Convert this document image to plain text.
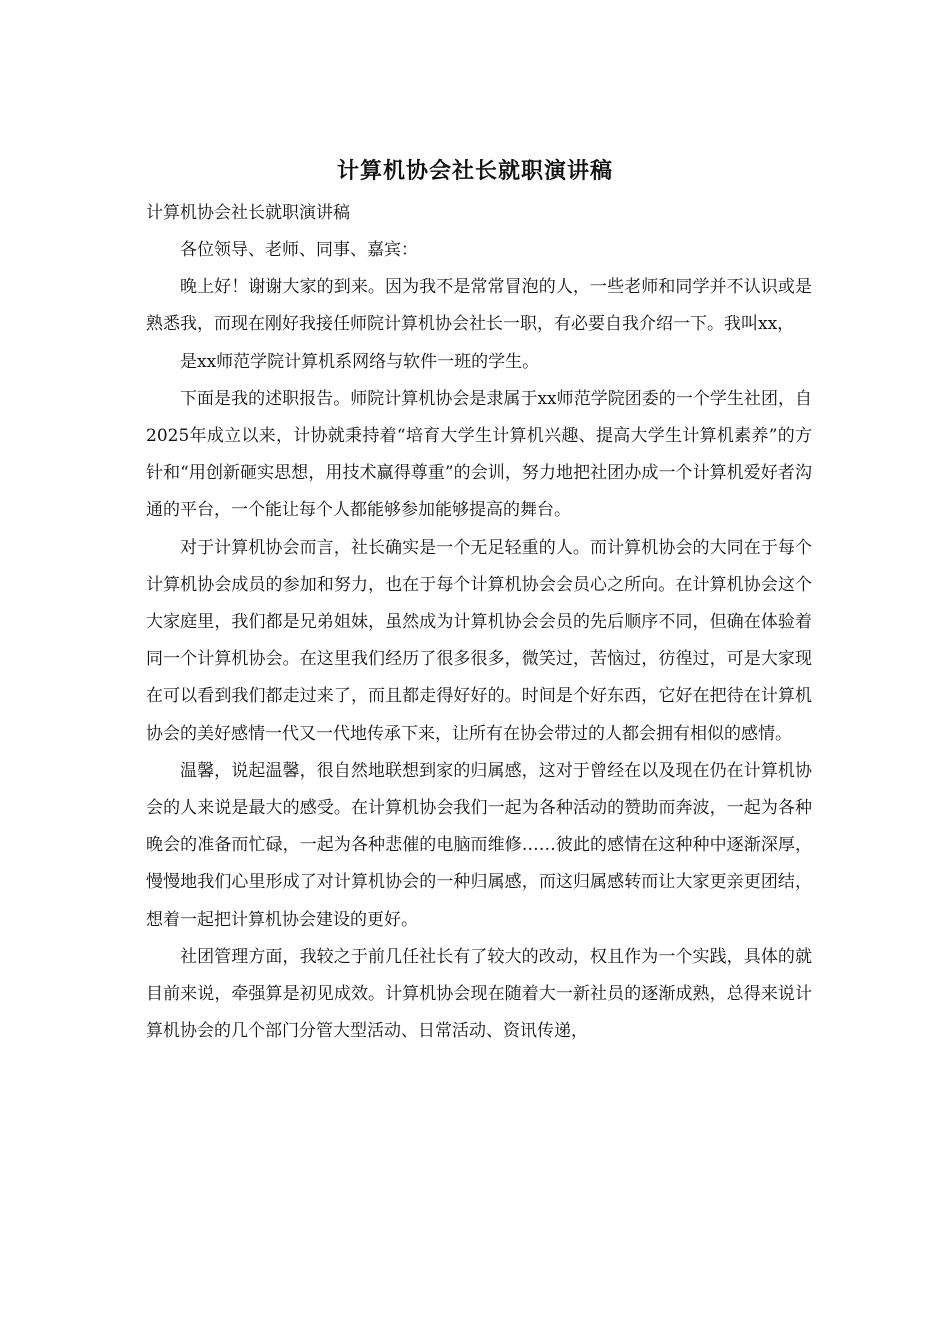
计算机协会社长就职演讲稿
计算机协会社长就职演讲稿

各位领导、老师、同事、嘉宾：

晚上好！谢谢大家的到来。因为我不是常常冒泡的人，一些老师和同学并不认识或是熟悉我，而现在刚好我接任师院计算机协会社长一职，有必要自我介绍一下。我叫xx，

是xx师范学院计算机系网络与软件一班的学生。

下面是我的述职报告。师院计算机协会是隶属于xx师范学院团委的一个学生社团，自2025年成立以来，计协就秉持着“培育大学生计算机兴趣、提高大学生计算机素养”的方针和“用创新砸实思想，用技术赢得尊重”的会训，努力地把社团办成一个计算机爱好者沟通的平台，一个能让每个人都能够参加能够提高的舞台。

对于计算机协会而言，社长确实是一个无足轻重的人。而计算机协会的大同在于每个计算机协会成员的参加和努力，也在于每个计算机协会会员心之所向。在计算机协会这个大家庭里，我们都是兄弟姐妹，虽然成为计算机协会会员的先后顺序不同，但确在体验着同一个计算机协会。在这里我们经历了很多很多，微笑过，苦恼过，彷徨过，可是大家现在可以看到我们都走过来了，而且都走得好好的。时间是个好东西，它好在把待在计算机协会的美好感情一代又一代地传承下来，让所有在协会带过的人都会拥有相似的感情。

温馨，说起温馨，很自然地联想到家的归属感，这对于曾经在以及现在仍在计算机协会的人来说是最大的感受。在计算机协会我们一起为各种活动的赞助而奔波，一起为各种晚会的准备而忙碌，一起为各种悲催的电脑而维修……彼此的感情在这种种中逐渐深厚，慢慢地我们心里形成了对计算机协会的一种归属感，而这归属感转而让大家更亲更团结，想着一起把计算机协会建设的更好。

社团管理方面，我较之于前几任社长有了较大的改动，权且作为一个实践，具体的就目前来说，牵强算是初见成效。计算机协会现在随着大一新社员的逐渐成熟，总得来说计算机协会的几个部门分管大型活动、日常活动、资讯传递，
